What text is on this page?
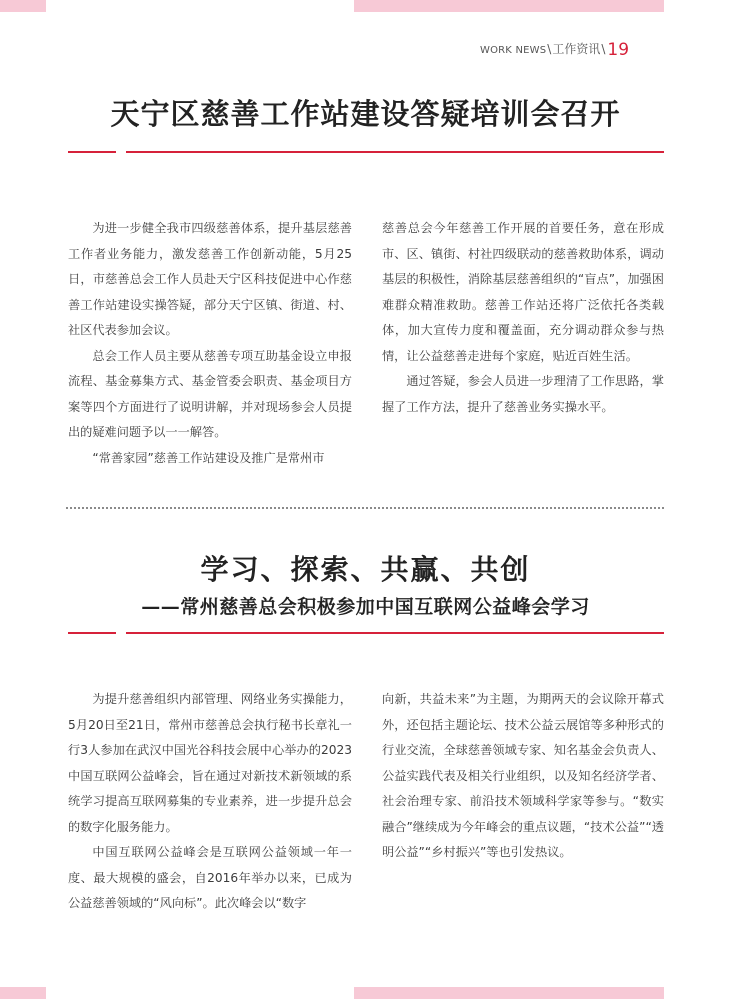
WORK NEWS\工作资讯\ 19
天宁区慈善工作站建设答疑培训会召开

为进一步健全我市四级慈善体系，提升基层慈善工作者业务能力，激发慈善工作创新动能，5月25日，市慈善总会工作人员赴天宁区科技促进中心作慈善工作站建设实操答疑，部分天宁区镇、街道、村、社区代表参加会议。

总会工作人员主要从慈善专项互助基金设立申报流程、基金募集方式、基金管委会职责、基金项目方案等四个方面进行了说明讲解，并对现场参会人员提出的疑难问题予以一一解答。

“常善家园”慈善工作站建设及推广是常州市

慈善总会今年慈善工作开展的首要任务，意在形成市、区、镇街、村社四级联动的慈善救助体系，调动基层的积极性，消除基层慈善组织的“盲点”，加强困难群众精准救助。慈善工作站还将广泛依托各类载体，加大宣传力度和覆盖面，充分调动群众参与热情，让公益慈善走进每个家庭，贴近百姓生活。

通过答疑，参会人员进一步理清了工作思路，掌握了工作方法，提升了慈善业务实操水平。

学习、探索、共赢、共创
——常州慈善总会积极参加中国互联网公益峰会学习

为提升慈善组织内部管理、网络业务实操能力，5月20日至21日，常州市慈善总会执行秘书长章礼一行3人参加在武汉中国光谷科技会展中心举办的2023中国互联网公益峰会，旨在通过对新技术新领域的系统学习提高互联网募集的专业素养，进一步提升总会的数字化服务能力。

中国互联网公益峰会是互联网公益领域一年一度、最大规模的盛会，自2016年举办以来，已成为公益慈善领域的“风向标”。此次峰会以“数字

向新，共益未来”为主题，为期两天的会议除开幕式外，还包括主题论坛、技术公益云展馆等多种形式的行业交流，全球慈善领域专家、知名基金会负责人、公益实践代表及相关行业组织，以及知名经济学者、社会治理专家、前沿技术领域科学家等参与。“数实融合”继续成为今年峰会的重点议题，“技术公益”“透明公益”“乡村振兴”等也引发热议。
